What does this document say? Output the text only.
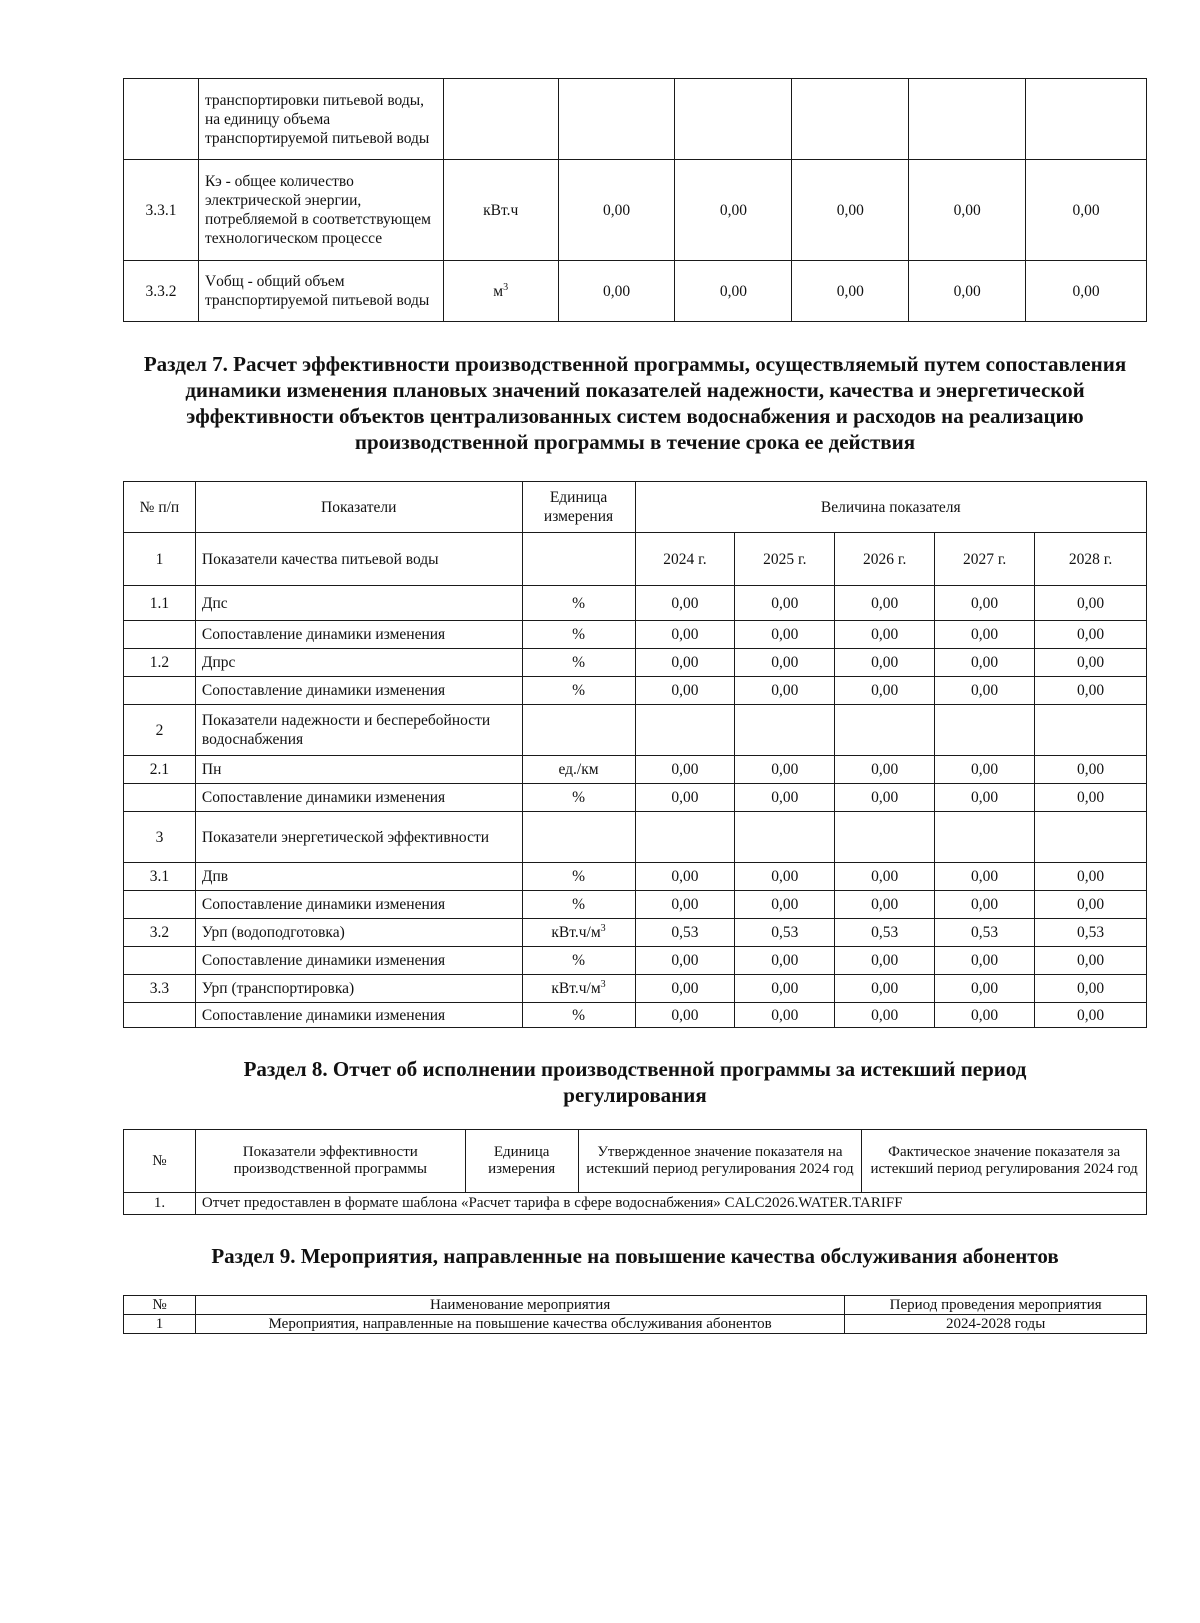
	транспортировки питьевой воды, на единицу объема транспортируемой питьевой воды						
3.3.1	Кэ - общее количество электрической энергии, потребляемой в соответствующем технологическом процессе	кВт.ч	0,00	0,00	0,00	0,00	0,00
3.3.2	Vобщ - общий объем транспортируемой питьевой воды	$м^3$	0,00	0,00	0,00	0,00	0,00
Раздел 7. Расчет эффективности производственной программы, осуществляемый путем сопоставления динамики изменения плановых значений показателей надежности, качества и энергетической эффективности объектов централизованных систем водоснабжения и расходов на реализацию производственной программы в течение срока ее действия
№ п/п	Показатели	Единица измерения	Величина показателя				
1	Показатели качества питьевой воды		2024 г.	2025 г.	2026 г.	2027 г.	2028 г.
1.1	Дпс	%	0,00	0,00	0,00	0,00	0,00
	Сопоставление динамики изменения	%	0,00	0,00	0,00	0,00	0,00
1.2	Дпрс	%	0,00	0,00	0,00	0,00	0,00
	Сопоставление динамики изменения	%	0,00	0,00	0,00	0,00	0,00
2	Показатели надежности и бесперебойности водоснабжения						
2.1	Пн	ед./км	0,00	0,00	0,00	0,00	0,00
	Сопоставление динамики изменения	%	0,00	0,00	0,00	0,00	0,00
3	Показатели энергетической эффективности						
3.1	Дпв	%	0,00	0,00	0,00	0,00	0,00
	Сопоставление динамики изменения	%	0,00	0,00	0,00	0,00	0,00
3.2	Урп (водоподготовка)	$кВт.ч/м^3$	0,53	0,53	0,53	0,53	0,53
	Сопоставление динамики изменения	%	0,00	0,00	0,00	0,00	0,00
3.3	Урп (транспортировка)	$кВт.ч/м^3$	0,00	0,00	0,00	0,00	0,00
	Сопоставление динамики изменения	%	0,00	0,00	0,00	0,00	0,00
Раздел 8. Отчет об исполнении производственной программы за истекший период регулирования
№	Показатели эффективности производственной программы	Единица измерения	Утвержденное значение показателя на истекший период регулирования 2024 год	Фактическое значение показателя за истекший период регулирования 2024 год
1.	Отчет предоставлен в формате шаблона «Расчет тарифа в сфере водоснабжения» CALC2026.WATER.TARIFF			
Раздел 9. Мероприятия, направленные на повышение качества обслуживания абонентов
№	Наименование мероприятия	Период проведения мероприятия
1	Мероприятия, направленные на повышение качества обслуживания абонентов	2024-2028 годы
